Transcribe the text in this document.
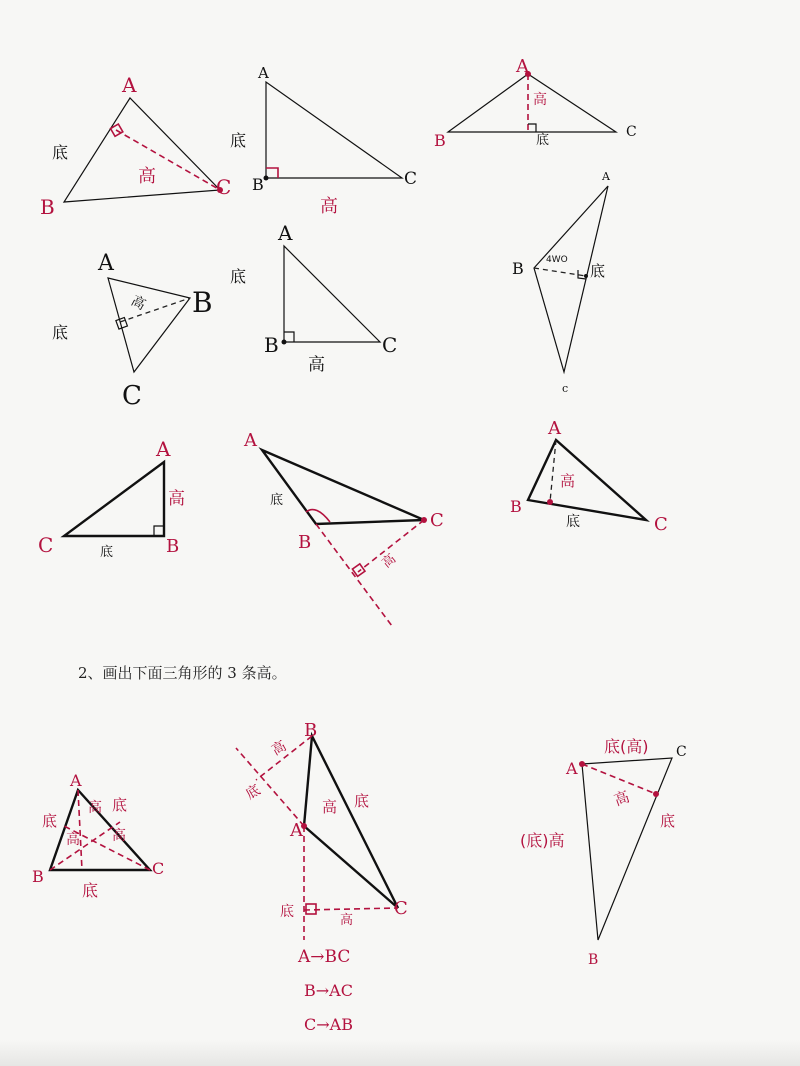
A
B
C
底
高
A
B	C
底
高
A
B	C
高
底
A
B
C
底
高
A
B	C
底
高
A
B
c
4WO
底
A
C	B
高
底
A
B
C
底
高
A
B
C
高
底
A
B	C
底
底
高
高 高
底
B
A
C
高
底
高 底
底
高
A→BC
B→AC
C→AB
A
C
B
底(高)
高
底
(底)高
2、画出下面三角形的 3 条高。
